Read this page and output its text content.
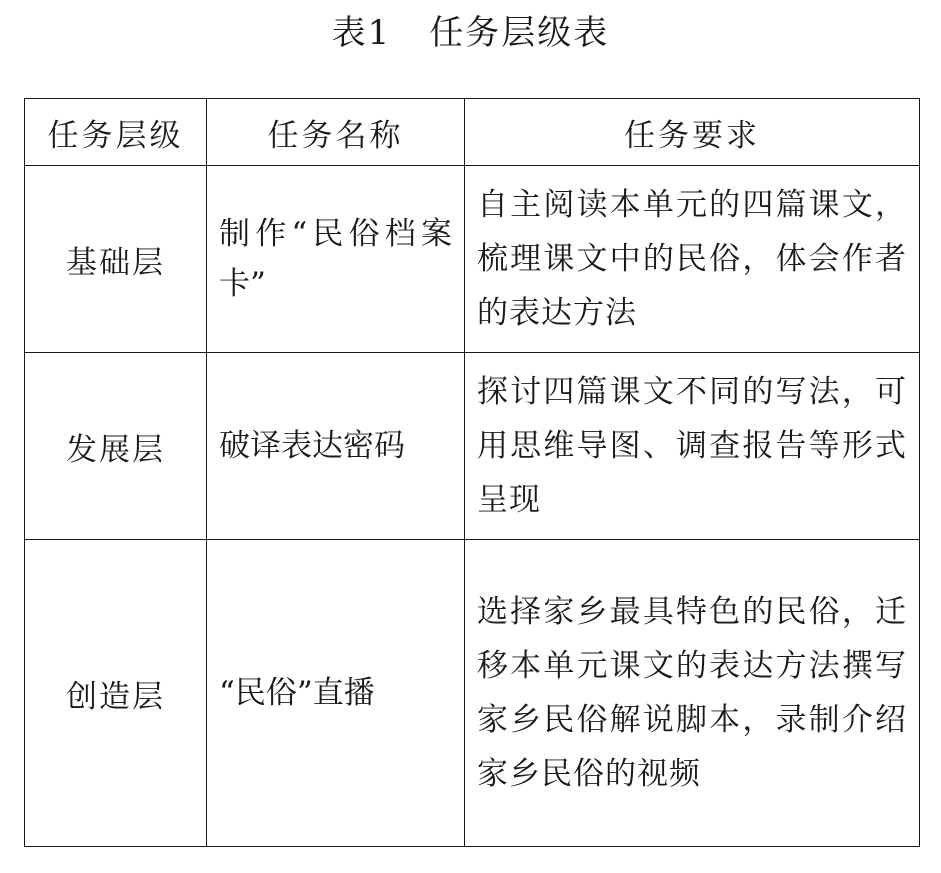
表1 任务层级表
任务层级	任务名称	任务要求
基础层	制作“民俗档案卡”	自主阅读本单元的四篇课文，梳理课文中的民俗，体会作者的表达方法
发展层	破译表达密码	探讨四篇课文不同的写法，可用思维导图、调查报告等形式呈现
创造层	“民俗”直播	选择家乡最具特色的民俗，迁移本单元课文的表达方法撰写家乡民俗解说脚本，录制介绍家乡民俗的视频
